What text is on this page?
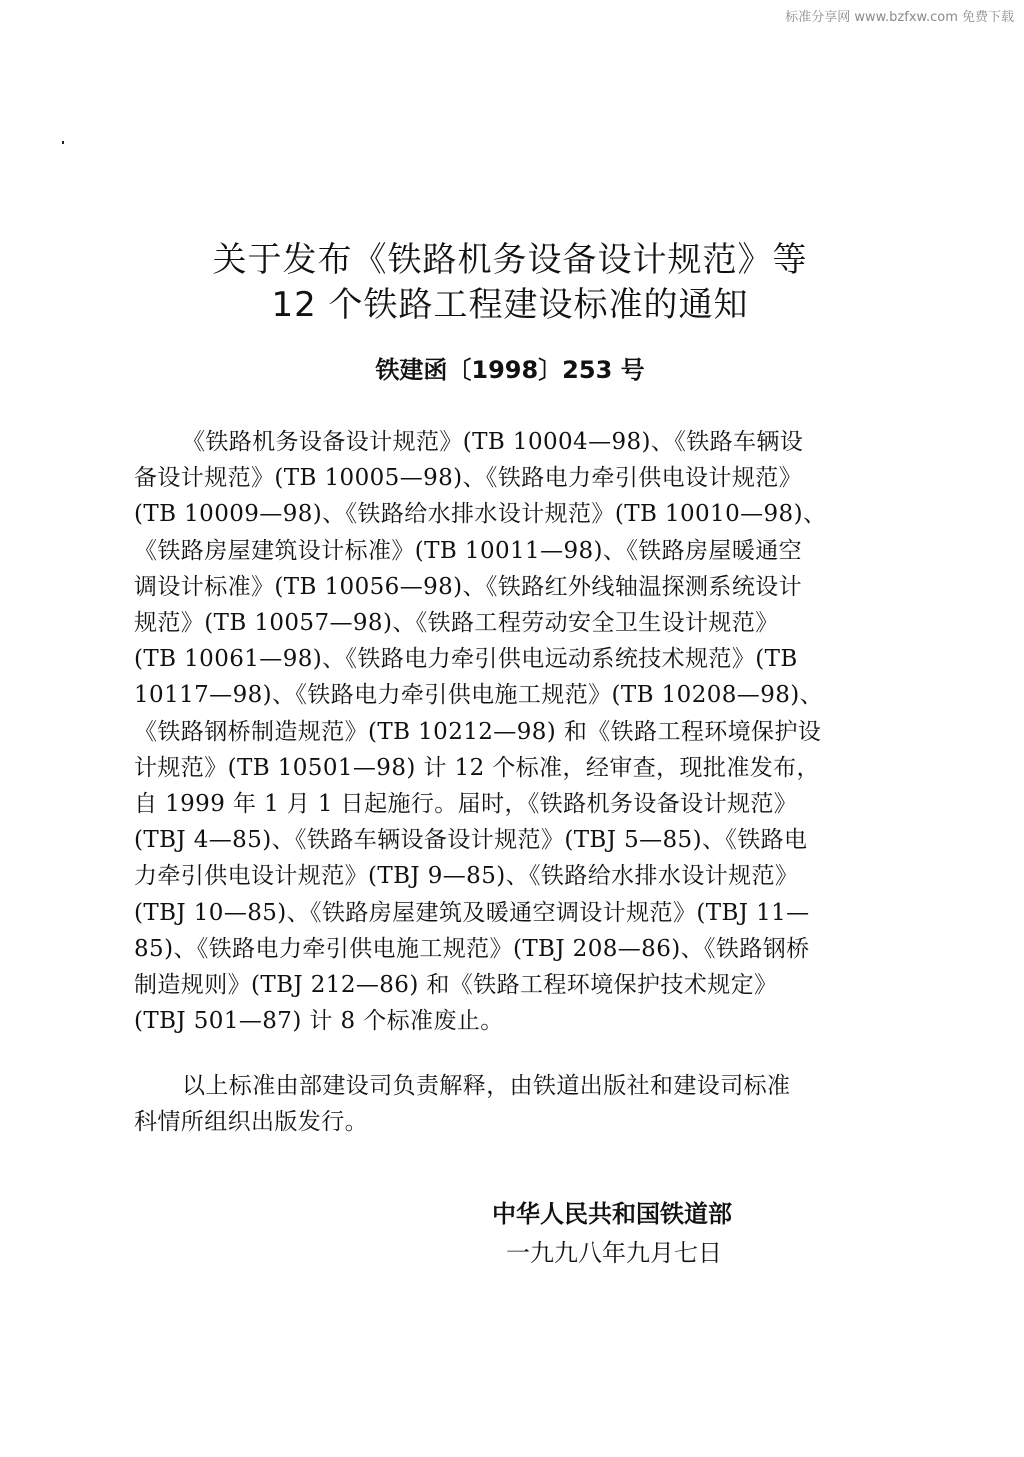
标准分享网 www.bzfxw.com 免费下载
关于发布《铁路机务设备设计规范》等
12 个铁路工程建设标准的通知
铁建函〔1998〕253 号
《铁路机务设备设计规范》(TB 10004—98)、《铁路车辆设
备设计规范》(TB 10005—98)、《铁路电力牵引供电设计规范》
(TB 10009—98)、《铁路给水排水设计规范》(TB 10010—98)、
《铁路房屋建筑设计标准》(TB 10011—98)、《铁路房屋暖通空
调设计标准》(TB 10056—98)、《铁路红外线轴温探测系统设计
规范》(TB 10057—98)、《铁路工程劳动安全卫生设计规范》
(TB 10061—98)、《铁路电力牵引供电远动系统技术规范》(TB
10117—98)、《铁路电力牵引供电施工规范》(TB 10208—98)、
《铁路钢桥制造规范》(TB 10212—98) 和《铁路工程环境保护设
计规范》(TB 10501—98) 计 12 个标准，经审查，现批准发布，
自 1999 年 1 月 1 日起施行。届时，《铁路机务设备设计规范》
(TBJ 4—85)、《铁路车辆设备设计规范》(TBJ 5—85)、《铁路电
力牵引供电设计规范》(TBJ 9—85)、《铁路给水排水设计规范》
(TBJ 10—85)、《铁路房屋建筑及暖通空调设计规范》(TBJ 11—
85)、《铁路电力牵引供电施工规范》(TBJ 208—86)、《铁路钢桥
制造规则》(TBJ 212—86) 和《铁路工程环境保护技术规定》
(TBJ 501—87) 计 8 个标准废止。
以上标准由部建设司负责解释，由铁道出版社和建设司标准
科情所组织出版发行。
中华人民共和国铁道部
一九九八年九月七日
